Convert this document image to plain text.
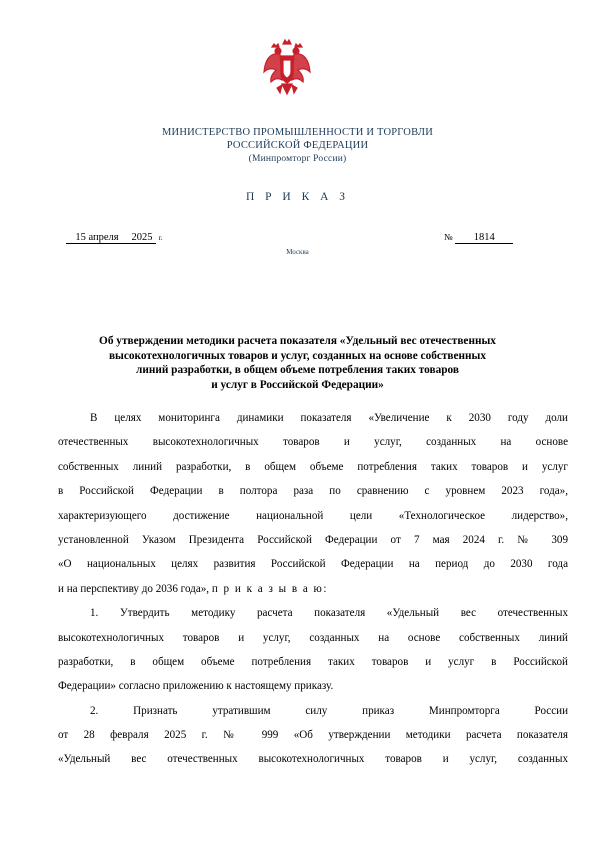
МИНИСТЕРСТВО ПРОМЫШЛЕННОСТИ И ТОРГОВЛИ
РОССИЙСКОЙ ФЕДЕРАЦИИ
(Минпромторг России)
П Р И К А З
15 апреля 2025 г.	№ 1814
Москва
Об утверждении методики расчета показателя «Удельный вес отечественных
высокотехнологичных товаров и услуг, созданных на основе собственных
линий разработки, в общем объеме потребления таких товаров
и услуг в Российской Федерации»
В целях мониторинга динамики показателя «Увеличение к 2030 году доли
отечественных высокотехнологичных товаров и услуг, созданных на основе
собственных линий разработки, в общем объеме потребления таких товаров и услуг
в Российской Федерации в полтора раза по сравнению с уровнем 2023 года»,
характеризующего достижение национальной цели «Технологическое лидерство»,
установленной Указом Президента Российской Федерации от 7 мая 2024 г. № 309
«О национальных целях развития Российской Федерации на период до 2030 года
и на перспективу до 2036 года», п р и к а з ы в а ю:
1. Утвердить методику расчета показателя «Удельный вес отечественных
высокотехнологичных товаров и услуг, созданных на основе собственных линий
разработки, в общем объеме потребления таких товаров и услуг в Российской
Федерации» согласно приложению к настоящему приказу.
2. Признать утратившим силу приказ Минпромторга России
от 28 февраля 2025 г. № 999 «Об утверждении методики расчета показателя
«Удельный вес отечественных высокотехнологичных товаров и услуг, созданных
